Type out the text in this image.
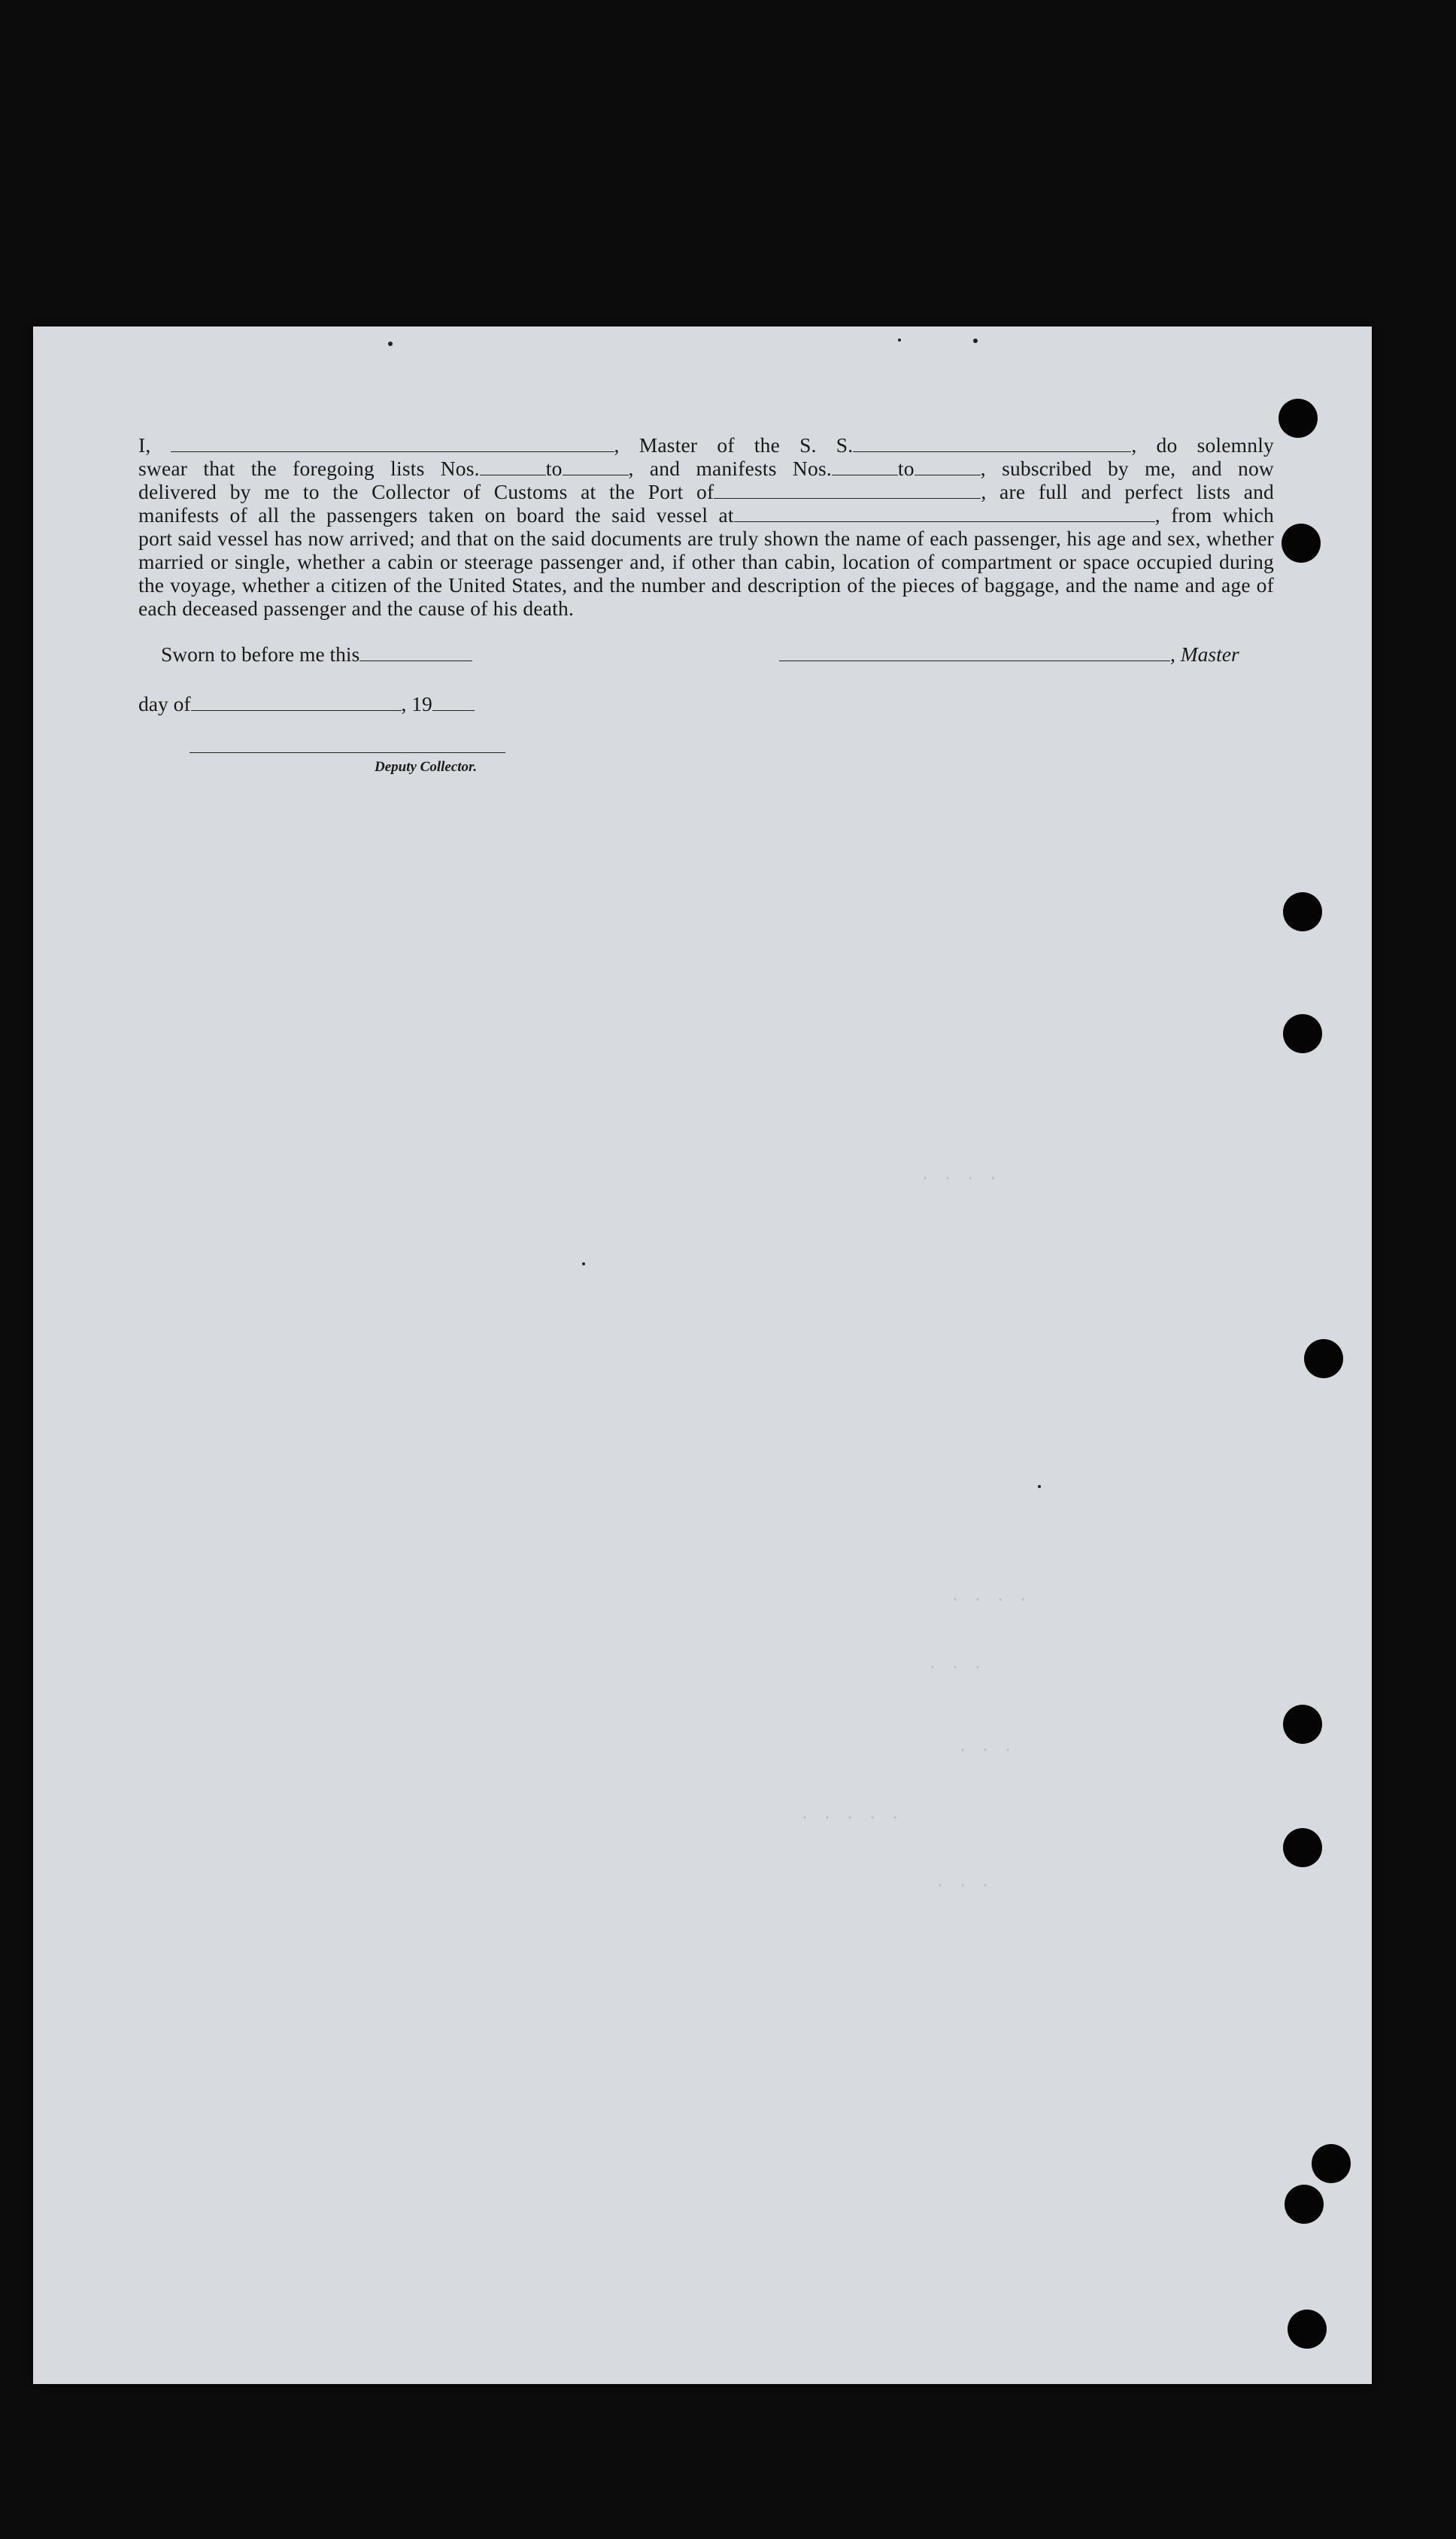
I,	, Master of the S. S.	, do solemnly
swear that the foregoing lists Nos.	to	, and manifests Nos.	to	, subscribed by me, and now
delivered by me to the Collector of Customs at the Port of	, are full and perfect lists and
manifests of all the passengers taken on board the said vessel at	, from which
port said vessel has now arrived; and that on the said documents are truly shown the name of each passenger, his age and sex, whether married or single, whether a cabin or steerage passenger and, if other than cabin, location of compartment or space occupied during the voyage, whether a citizen of the United States, and the number and description of the pieces of baggage, and the name and age of each deceased passenger and the cause of his death.
Sworn to before me this	, Master
day of	, 19
Deputy Collector.
· · · ·
· · · ·
· · ·
· · ·
· · · · ·
· · ·
